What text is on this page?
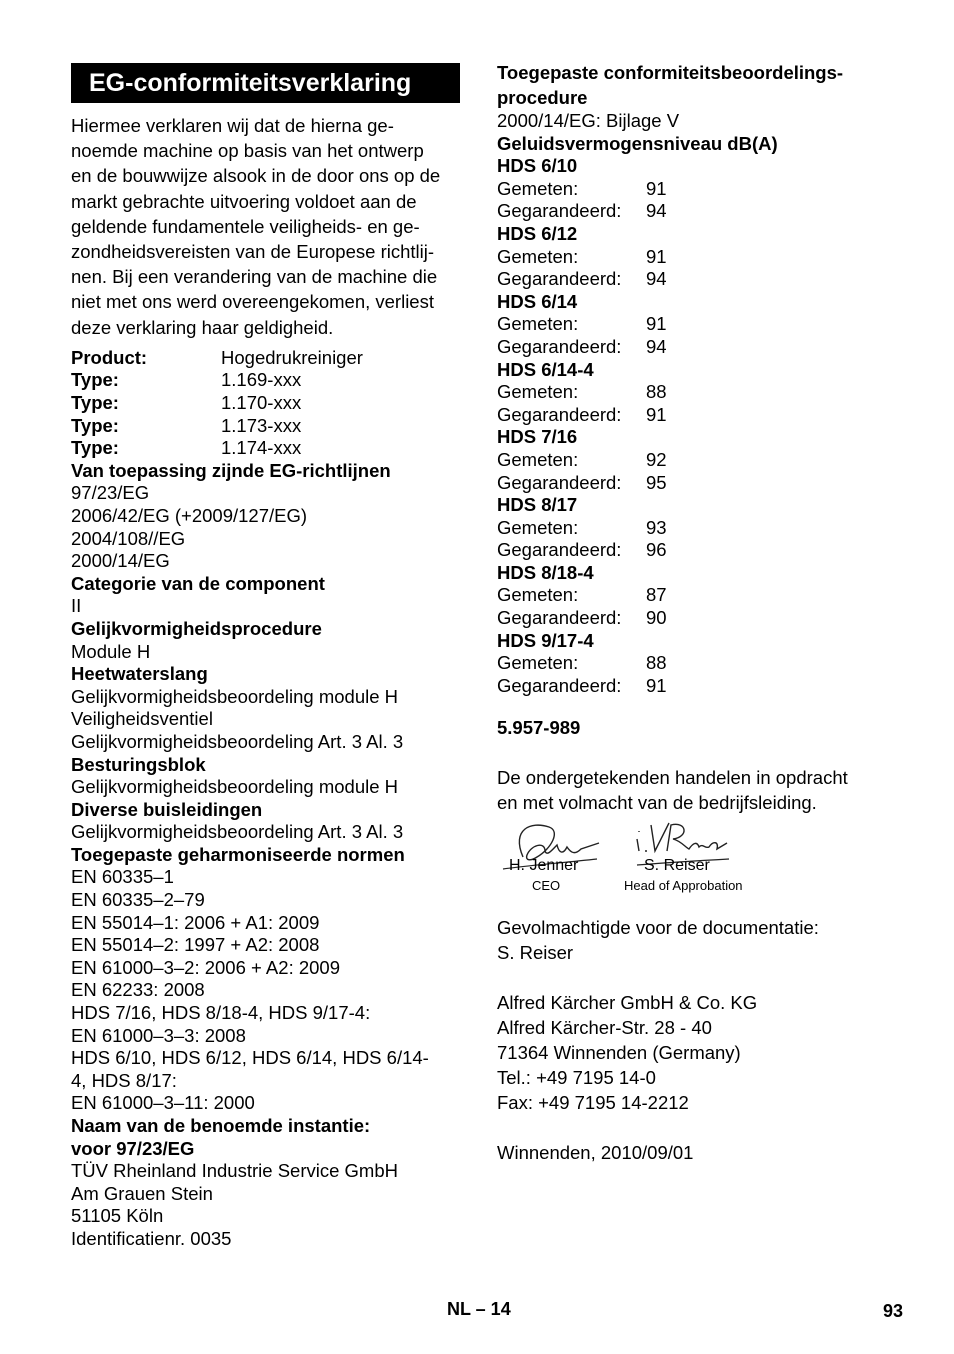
EG-conformiteitsverklaring
Hiermee verklaren wij dat de hierna ge-
noemde machine op basis van het ontwerp
en de bouwwijze alsook in de door ons op de
markt gebrachte uitvoering voldoet aan de
geldende fundamentele veiligheids- en ge-
zondheidsvereisten van de Europese richtlij-
nen. Bij een verandering van de machine die
niet met ons werd overeengekomen, verliest
deze verklaring haar geldigheid.
Product:	Hogedrukreiniger
Type:	1.169-xxx
Type:	1.170-xxx
Type:	1.173-xxx
Type:	1.174-xxx
Van toepassing zijnde EG-richtlijnen
97/23/EG
2006/42/EG (+2009/127/EG)
2004/108//EG
2000/14/EG
Categorie van de component
II
Gelijkvormigheidsprocedure
Module H
Heetwaterslang
Gelijkvormigheidsbeoordeling module H
Veiligheidsventiel
Gelijkvormigheidsbeoordeling Art. 3 Al. 3
Besturingsblok
Gelijkvormigheidsbeoordeling module H
Diverse buisleidingen
Gelijkvormigheidsbeoordeling Art. 3 Al. 3
Toegepaste geharmoniseerde normen
EN 60335–1
EN 60335–2–79
EN 55014–1: 2006 + A1: 2009
EN 55014–2: 1997 + A2: 2008
EN 61000–3–2: 2006 + A2: 2009
EN 62233: 2008
HDS 7/16, HDS 8/18-4, HDS 9/17-4:
EN 61000–3–3: 2008
HDS 6/10, HDS 6/12, HDS 6/14, HDS 6/14-
4, HDS 8/17:
EN 61000–3–11: 2000
Naam van de benoemde instantie:
voor 97/23/EG
TÜV Rheinland Industrie Service GmbH
Am Grauen Stein
51105 Köln
Identificatienr. 0035
Toegepaste conformiteitsbeoordelings-
procedure
2000/14/EG: Bijlage V
Geluidsvermogensniveau dB(A)
HDS 6/10
Gemeten:	91
Gegarandeerd: 94
HDS 6/12
Gemeten:	91
Gegarandeerd: 94
HDS 6/14
Gemeten:	91
Gegarandeerd: 94
HDS 6/14-4
Gemeten:	88
Gegarandeerd: 91
HDS 7/16
Gemeten:	92
Gegarandeerd: 95
HDS 8/17
Gemeten:	93
Gegarandeerd: 96
HDS 8/18-4
Gemeten:	87
Gegarandeerd: 90
HDS 9/17-4
Gemeten:	88
Gegarandeerd: 91
5.957-989
De ondergetekenden handelen in opdracht
en met volmacht van de bedrijfsleiding.
H. Jenner
CEO
S. Reiser
Head of Approbation
Gevolmachtigde voor de documentatie:
S. Reiser
Alfred Kärcher GmbH & Co. KG
Alfred Kärcher-Str. 28 - 40
71364 Winnenden (Germany)
Tel.: +49 7195 14-0
Fax: +49 7195 14-2212
Winnenden, 2010/09/01
NL – 14	93
